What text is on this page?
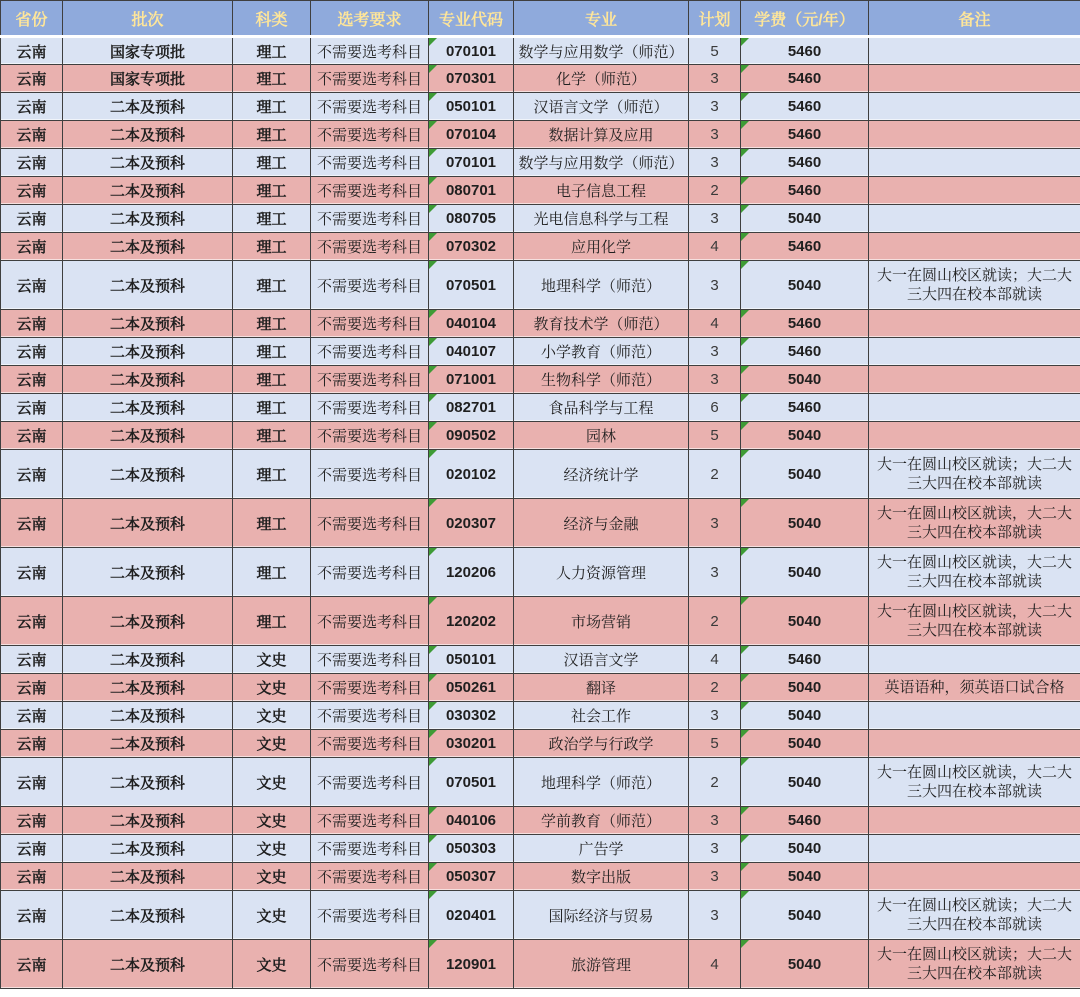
省份	批次	科类	选考要求	专业代码	专业	计划	学费（元/年）	备注
云南	国家专项批	理工	不需要选考科目	070101	数学与应用数学（师范）	5	5460	
云南	国家专项批	理工	不需要选考科目	070301	化学（师范）	3	5460	
云南	二本及预科	理工	不需要选考科目	050101	汉语言文学（师范）	3	5460	
云南	二本及预科	理工	不需要选考科目	070104	数据计算及应用	3	5460	
云南	二本及预科	理工	不需要选考科目	070101	数学与应用数学（师范）	3	5460	
云南	二本及预科	理工	不需要选考科目	080701	电子信息工程	2	5460	
云南	二本及预科	理工	不需要选考科目	080705	光电信息科学与工程	3	5040	
云南	二本及预科	理工	不需要选考科目	070302	应用化学	4	5460	
云南	二本及预科	理工	不需要选考科目	070501	地理科学（师范）	3	5040	大一在圆山校区就读；大二大三大四在校本部就读
云南	二本及预科	理工	不需要选考科目	040104	教育技术学（师范）	4	5460	
云南	二本及预科	理工	不需要选考科目	040107	小学教育（师范）	3	5460	
云南	二本及预科	理工	不需要选考科目	071001	生物科学（师范）	3	5040	
云南	二本及预科	理工	不需要选考科目	082701	食品科学与工程	6	5460	
云南	二本及预科	理工	不需要选考科目	090502	园林	5	5040	
云南	二本及预科	理工	不需要选考科目	020102	经济统计学	2	5040	大一在圆山校区就读；大二大三大四在校本部就读
云南	二本及预科	理工	不需要选考科目	020307	经济与金融	3	5040	大一在圆山校区就读，大二大三大四在校本部就读
云南	二本及预科	理工	不需要选考科目	120206	人力资源管理	3	5040	大一在圆山校区就读，大二大三大四在校本部就读
云南	二本及预科	理工	不需要选考科目	120202	市场营销	2	5040	大一在圆山校区就读，大二大三大四在校本部就读
云南	二本及预科	文史	不需要选考科目	050101	汉语言文学	4	5460	
云南	二本及预科	文史	不需要选考科目	050261	翻译	2	5040	英语语种，须英语口试合格
云南	二本及预科	文史	不需要选考科目	030302	社会工作	3	5040	
云南	二本及预科	文史	不需要选考科目	030201	政治学与行政学	5	5040	
云南	二本及预科	文史	不需要选考科目	070501	地理科学（师范）	2	5040	大一在圆山校区就读，大二大三大四在校本部就读
云南	二本及预科	文史	不需要选考科目	040106	学前教育（师范）	3	5460	
云南	二本及预科	文史	不需要选考科目	050303	广告学	3	5040	
云南	二本及预科	文史	不需要选考科目	050307	数字出版	3	5040	
云南	二本及预科	文史	不需要选考科目	020401	国际经济与贸易	3	5040	大一在圆山校区就读；大二大三大四在校本部就读
云南	二本及预科	文史	不需要选考科目	120901	旅游管理	4	5040	大一在圆山校区就读；大二大三大四在校本部就读
